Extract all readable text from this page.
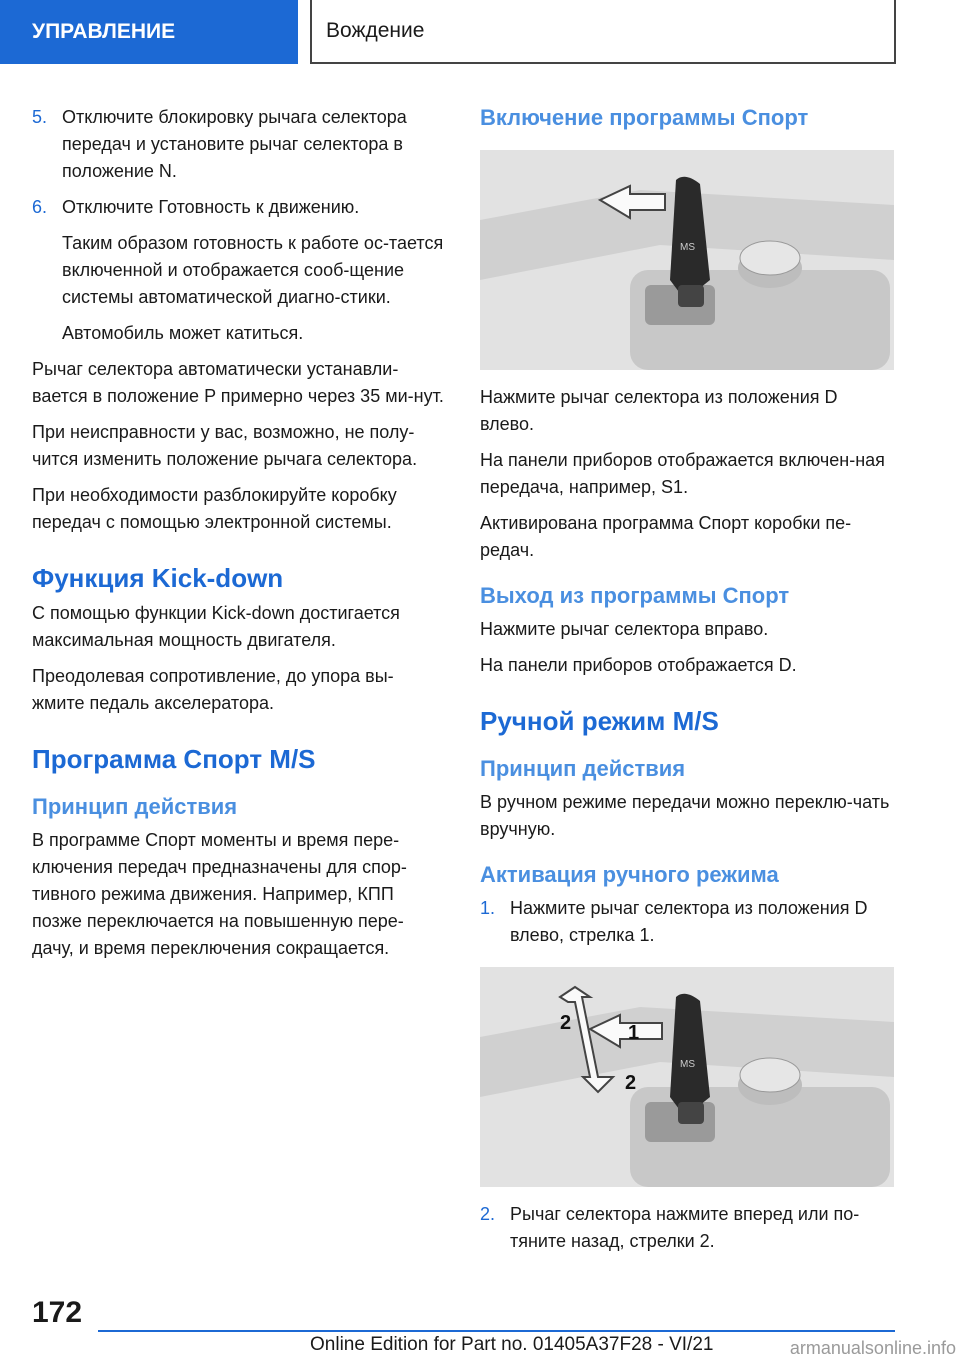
УПРАВЛЕНИЕ	Вождение
5. Отключите блокировку рычага селектора передач и установите рычаг селектора в положение N.
6. Отключите Готовность к движению.

Таким образом готовность к работе ос-тается включенной и отображается сооб-щение системы автоматической диагно-стики.

Автомобиль может катиться.

Рычаг селектора автоматически устанавли-вается в положение P примерно через 35 ми-нут.

При неисправности у вас, возможно, не полу-чится изменить положение рычага селектора.

При необходимости разблокируйте коробку передач с помощью электронной системы.

Функция Kick-down

С помощью функции Kick-down достигается максимальная мощность двигателя.

Преодолевая сопротивление, до упора вы-жмите педаль акселератора.

Программа Спорт M/S
Принцип действия

В программе Спорт моменты и время пере-ключения передач предназначены для спор-тивного режима движения. Например, КПП позже переключается на повышенную пере-дачу, и время переключения сокращается.

Включение программы Спорт
MS

Нажмите рычаг селектора из положения D влево.

На панели приборов отображается включен-ная передача, например, S1.

Активирована программа Спорт коробки пе-редач.

Выход из программы Спорт

Нажмите рычаг селектора вправо.

На панели приборов отображается D.

Ручной режим M/S
Принцип действия

В ручном режиме передачи можно переклю-чать вручную.

Активация ручного режима
1. Нажмите рычаг селектора из положения D влево, стрелка 1.
MS
1
2
2
2. Рычаг селектора нажмите вперед или по-тяните назад, стрелки 2.
172
Online Edition for Part no. 01405A37F28 - VI/21	armanualsonline.info
